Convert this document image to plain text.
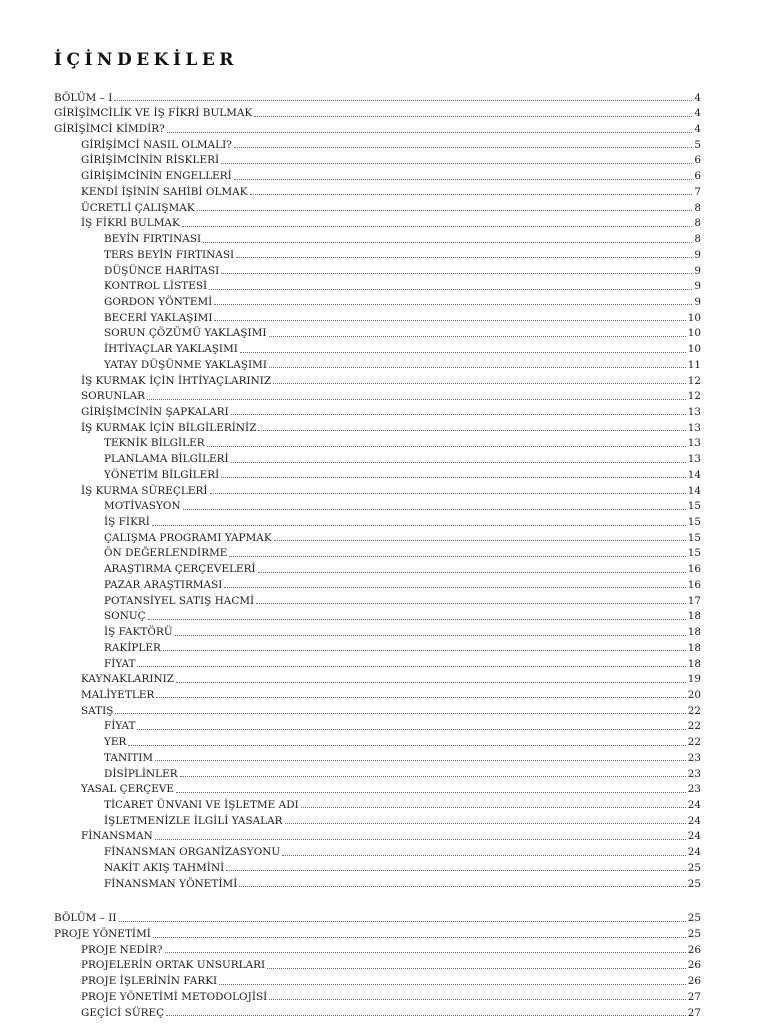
İÇİNDEKİLER
BÖLÜM – I	4
GİRİŞİMCİLİK VE İŞ FİKRİ BULMAK	4
GİRİŞİMCİ KİMDİR?	4
GİRİŞİMCİ NASIL OLMALI?	5
GİRİŞİMCİNİN RİSKLERİ	6
GİRİŞİMCİNİN ENGELLERİ	6
KENDİ İŞİNİN SAHİBİ OLMAK	7
ÜCRETLİ ÇALIŞMAK	8
İŞ FİKRİ BULMAK	8
BEYİN FIRTINASI	8
TERS BEYİN FIRTINASI	9
DÜŞÜNCE HARİTASI	9
KONTROL LİSTESİ	9
GORDON YÖNTEMİ	9
BECERİ YAKLAŞIMI	10
SORUN ÇÖZÜMÜ YAKLAŞIMI	10
İHTİYAÇLAR YAKLAŞIMI	10
YATAY DÜŞÜNME YAKLAŞIMI	11
İŞ KURMAK İÇİN İHTİYAÇLARINIZ	12
SORUNLAR	12
GİRİŞİMCİNİN ŞAPKALARI	13
İŞ KURMAK İÇİN BİLGİLERİNİZ	13
TEKNİK BİLGİLER	13
PLANLAMA BİLGİLERİ	13
YÖNETİM BİLGİLERİ	14
İŞ KURMA SÜREÇLERİ	14
MOTİVASYON	15
İŞ FİKRİ	15
ÇALIŞMA PROGRAMI YAPMAK	15
ÖN DEĞERLENDİRME	15
ARAŞTIRMA ÇERÇEVELERİ	16
PAZAR ARAŞTIRMASI	16
POTANSİYEL SATIŞ HACMİ	17
SONUÇ	18
İŞ FAKTÖRÜ	18
RAKİPLER	18
FİYAT	18
KAYNAKLARINIZ	19
MALİYETLER	20
SATIŞ	22
FİYAT	22
YER	22
TANITIM	23
DİSİPLİNLER	23
YASAL ÇERÇEVE	23
TİCARET ÜNVANI VE İŞLETME ADI	24
İŞLETMENİZLE İLGİLİ YASALAR	24
FİNANSMAN	24
FİNANSMAN ORGANİZASYONU	24
NAKİT AKIŞ TAHMİNİ	25
FİNANSMAN YÖNETİMİ	25
BÖLÜM – II	25
PROJE YÖNETİMİ	25
PROJE NEDİR?	26
PROJELERİN ORTAK UNSURLARI	26
PROJE İŞLERİNİN FARKI	26
PROJE YÖNETİMİ METODOLOJİSİ	27
GEÇİCİ SÜREÇ	27
